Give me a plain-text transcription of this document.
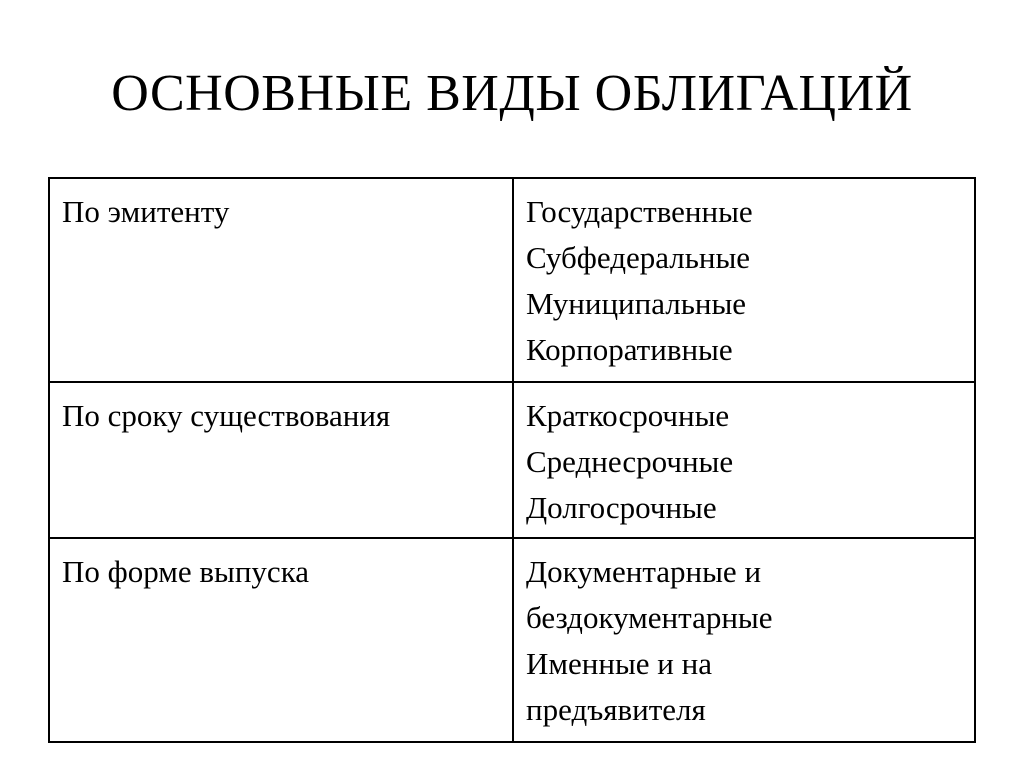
ОСНОВНЫЕ ВИДЫ ОБЛИГАЦИЙ
По эмитенту	Государственные
Субфедеральные
Муниципальные
Корпоративные

По сроку существования	Краткосрочные
Среднесрочные
Долгосрочные

По форме выпуска	Документарные и
бездокументарные
Именные и на
предъявителя
